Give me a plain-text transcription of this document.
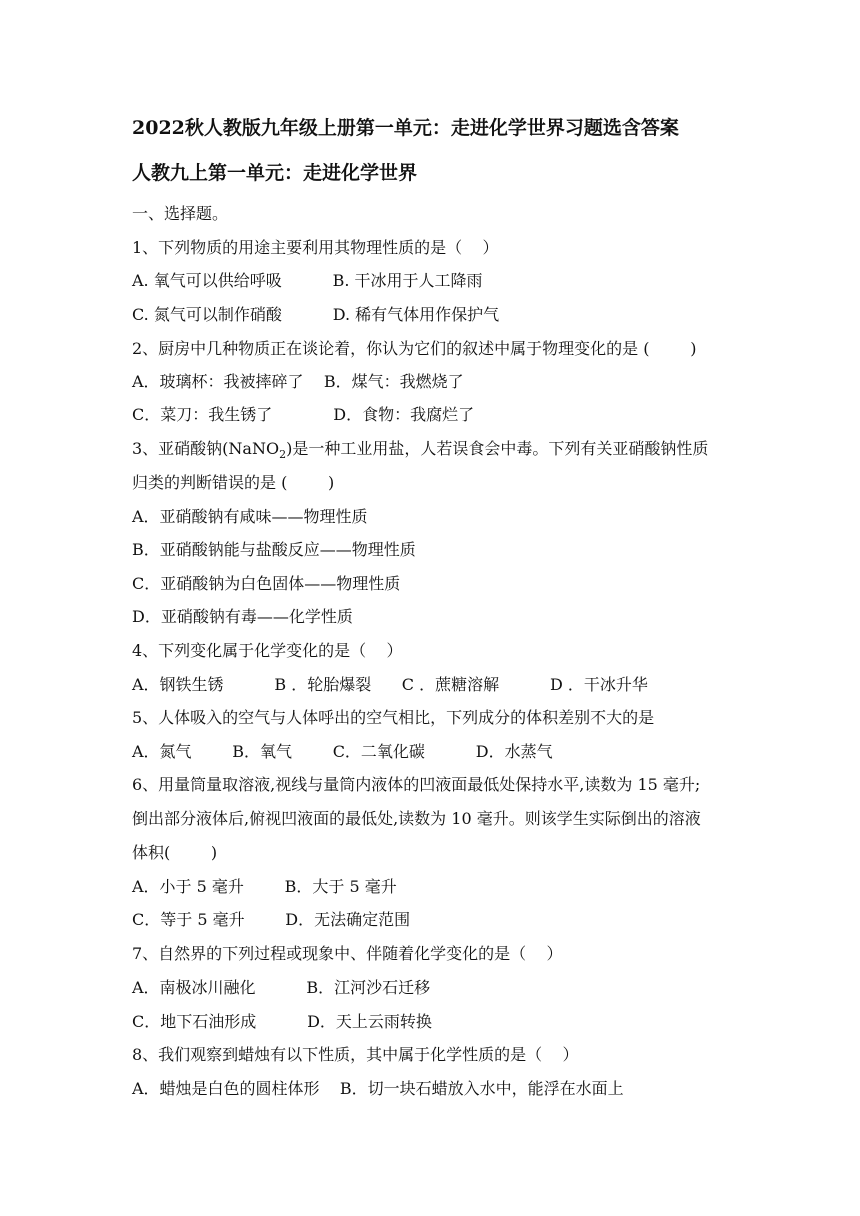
2022秋人教版九年级上册第一单元：走进化学世界习题选含答案
人教九上第一单元：走进化学世界
一、选择题。
1、下列物质的用途主要利用其物理性质的是（    ）
A. 氧气可以供给呼吸          B. 干冰用于人工降雨
C. 氮气可以制作硝酸          D. 稀有气体用作保护气
2、厨房中几种物质正在谈论着，你认为它们的叙述中属于物理变化的是 (        )
A．玻璃杯：我被摔碎了    B．煤气：我燃烧了
C．菜刀：我生锈了            D．食物：我腐烂了
3、亚硝酸钠(NaNO$_2$)是一种工业用盐，人若误食会中毒。下列有关亚硝酸钠性质
归类的判断错误的是 (        )
A．亚硝酸钠有咸味——物理性质
B．亚硝酸钠能与盐酸反应——物理性质
C．亚硝酸钠为白色固体——物理性质
D．亚硝酸钠有毒——化学性质
4、下列变化属于化学变化的是（    ）
A．钢铁生锈          B ．轮胎爆裂      C ．蔗糖溶解          D ．干冰升华
5、人体吸入的空气与人体呼出的空气相比，下列成分的体积差别不大的是
A．氮气        B．氧气        C．二氧化碳          D．水蒸气
6、用量筒量取溶液,视线与量筒内液体的凹液面最低处保持水平,读数为 15 毫升;
倒出部分液体后,俯视凹液面的最低处,读数为 10 毫升。则该学生实际倒出的溶液
体积(        )
A．小于 5 毫升        B．大于 5 毫升
C．等于 5 毫升        D．无法确定范围
7、自然界的下列过程或现象中、伴随着化学变化的是（    ）
A．南极冰川融化          B．江河沙石迁移
C．地下石油形成          D．天上云雨转换
8、我们观察到蜡烛有以下性质，其中属于化学性质的是（    ）
A．蜡烛是白色的圆柱体形    B．切一块石蜡放入水中，能浮在水面上
